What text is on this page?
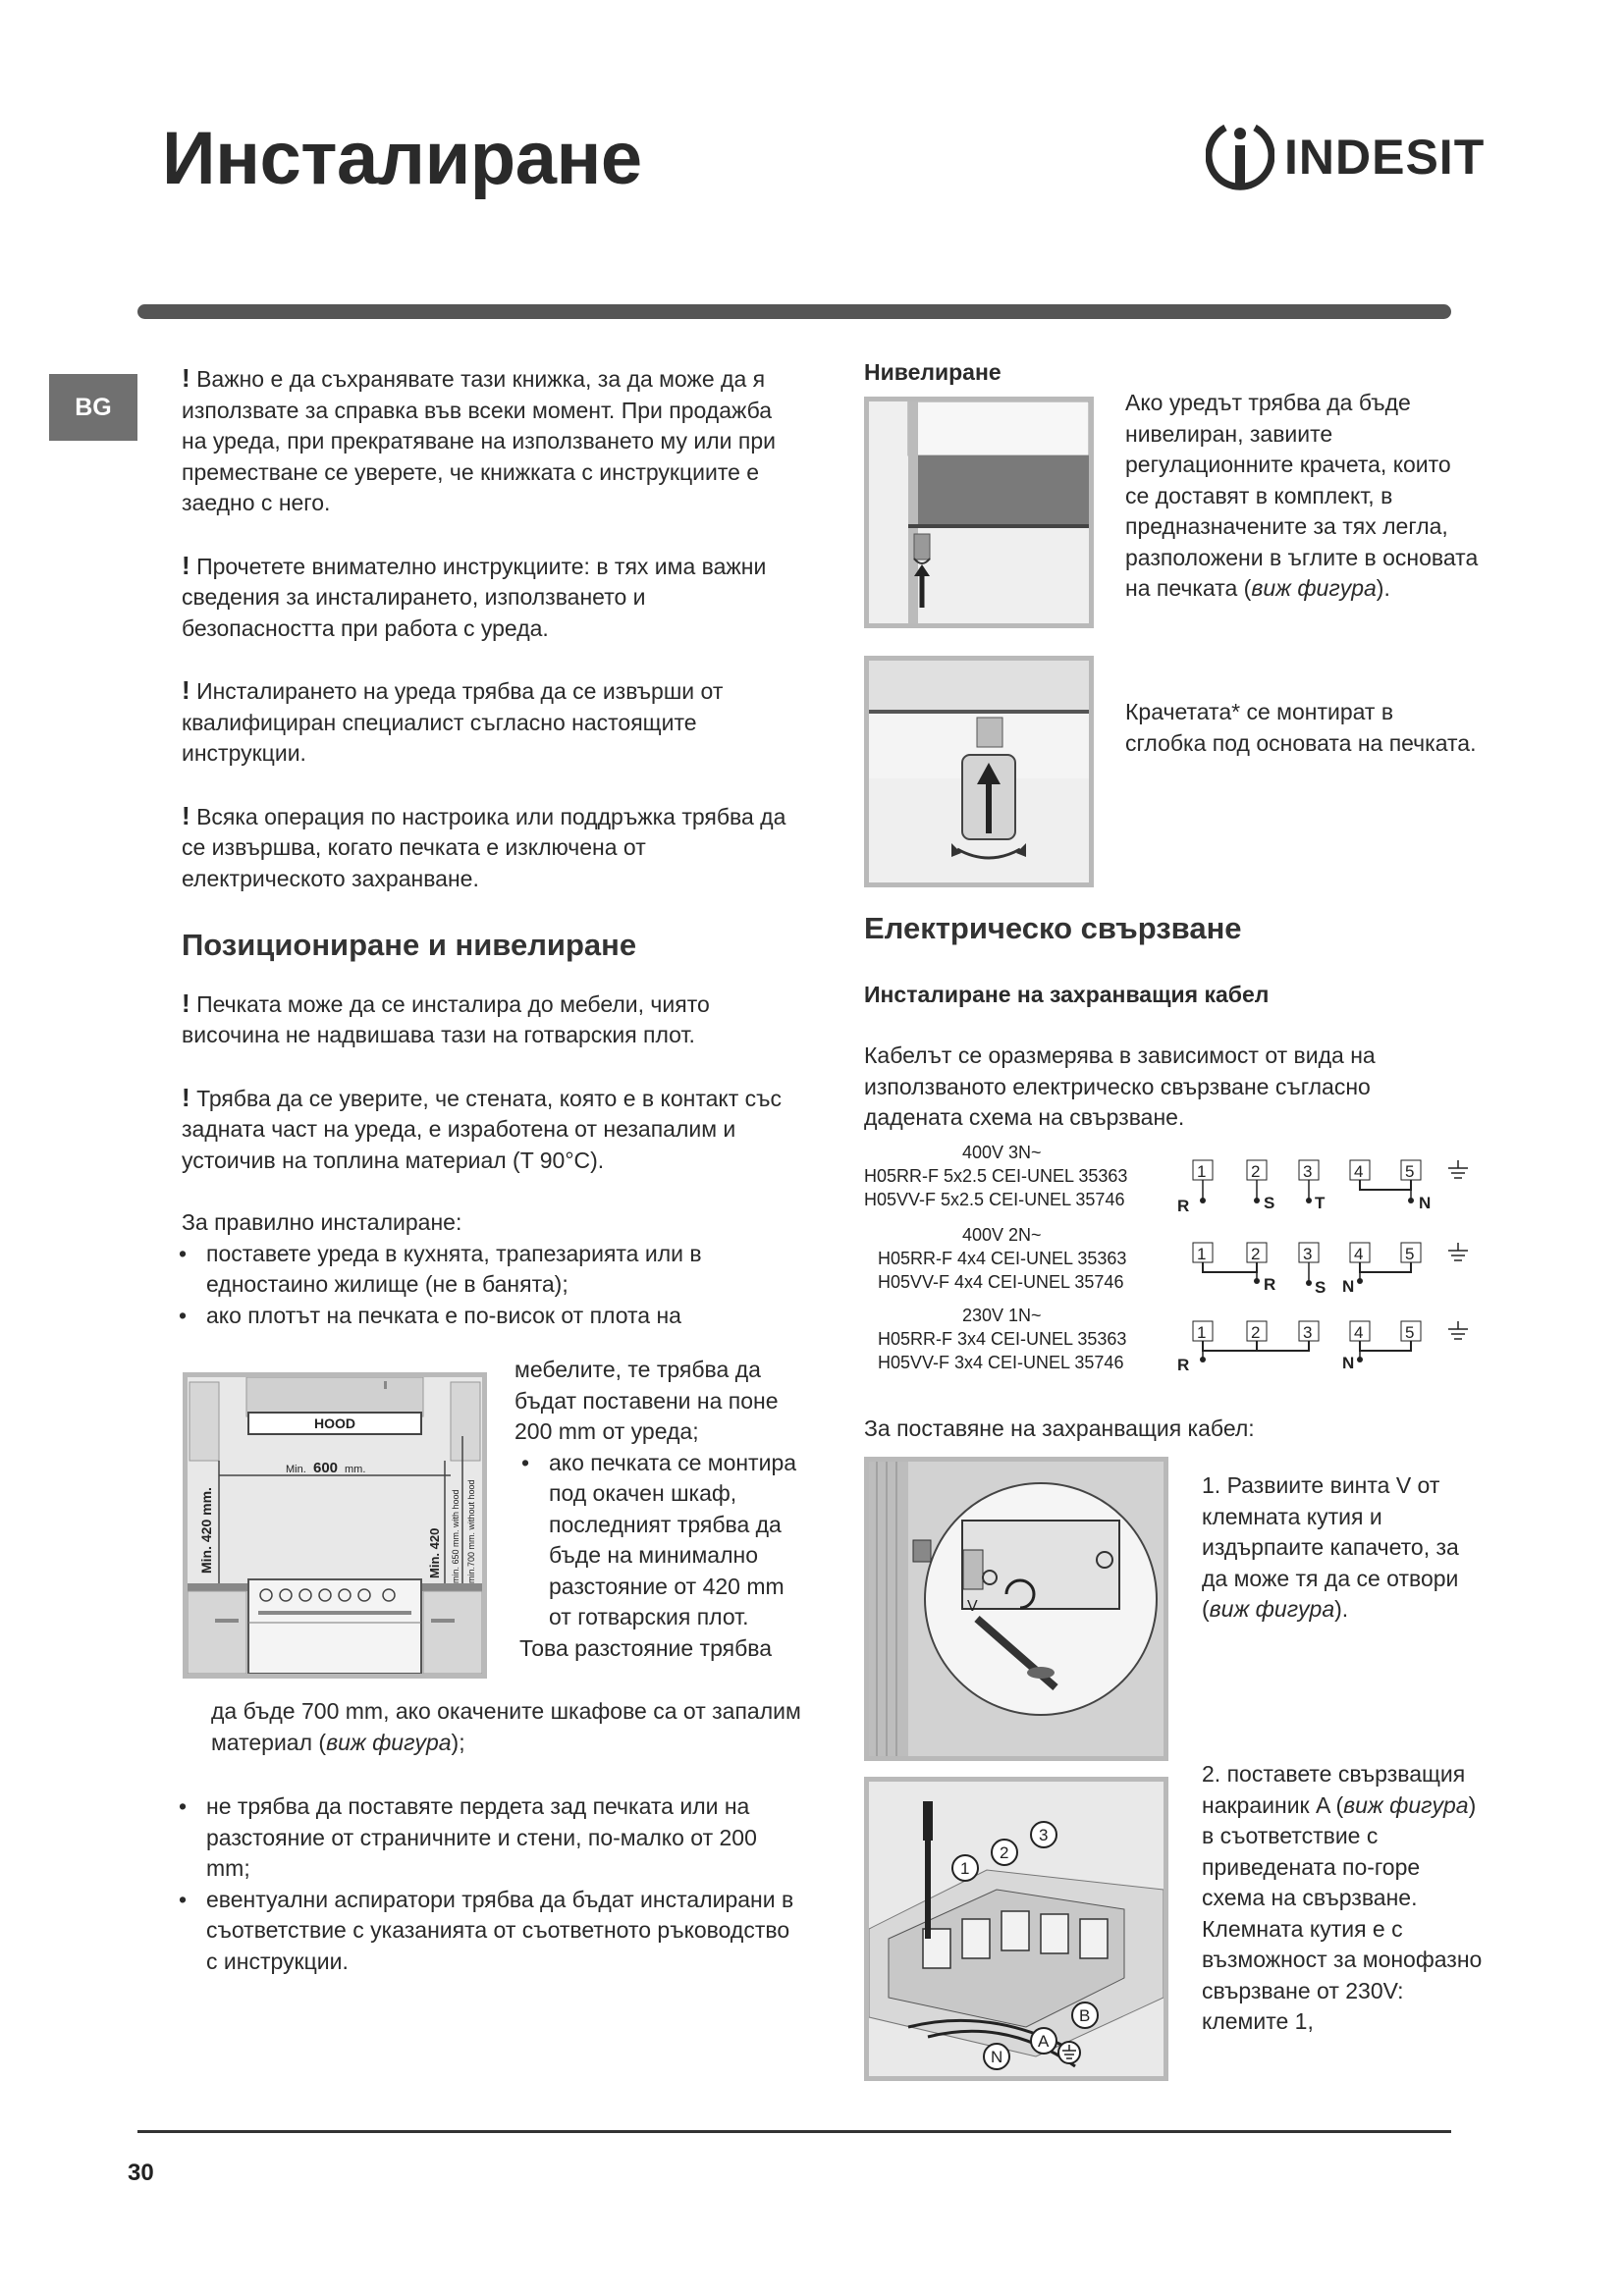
Инсталиране	INDESIT
BG

! Важно е да съхранявате тази книжка, за да може да я използвате за справка във всеки момент. При продажба на уреда, при прекратяване на използването му или при преместване се уверете, че книжката с инструкциите е заедно с него.

! Прочетете внимателно инструкциите: в тях има важни сведения за инсталирането, използването и безопасността при работа с уреда.

! Инсталирането на уреда трябва да се извърши от квалифициран специалист съгласно настоящите инструкции.

! Всяка операция по настроика или поддръжка трябва да се извършва, когато печката е изключена от електрическото захранване.

Позициониране и нивелиране

! Печката може да се инсталира до мебели, чиято височина не надвишава тази на готварския плот.

! Трябва да се уверите, че стената, която е в контакт със задната част на уреда, е изработена от незапалим и устоичив на топлина материал (T 90°C).

За правилно инсталиране:

• поставете уреда в кухнята, трапезарията или в едностаино жилище (не в банята);

• ако плотът на печката е по-висок от плота на

HOOD
Min. 600 mm.
Min. 420 mm.	Min. 420 min. 650 mm. with hood min.700 mm. without hood

мебелите, те трябва да бъдат поставени на поне 200 mm от уреда;

• ако печката се монтира под окачен шкаф, последният трябва да бъде на минимално разстояние от 420 mm от готварския плот.

Това разстояние трябва

да бъде 700 mm, ако окачените шкафове са от запалим материал (виж фигура);

• не трябва да поставяте пердета зад печката или на разстояние от страничните и стени, по-малко от 200 mm;

• евентуални аспиратори трябва да бъдат инсталирани в съответствие с указанията от съответното ръководство с инструкции.

Нивелиране

Ако уредът трябва да бъде нивелиран, завиите регулационните крачета, които се доставят в комплект, в предназначените за тях легла, разположени в ъглите в основата на печката (виж фигура).

Крачетата* се монтират в сглобка под основата на печката.

Електрическо свързване
Инсталиране на захранващия кабел

Кабелът се оразмерява в зависимост от вида на използваното електрическо свързване съгласно дадената схема на свързване.

400V 3N~
H05RR-F 5x2.5 CEI-UNEL 35363
H05VV-F 5x2.5 CEI-UNEL 35746
400V 2N~
H05RR-F 4x4 CEI-UNEL 35363
H05VV-F 4x4 CEI-UNEL 35746
230V 1N~
H05RR-F 3x4 CEI-UNEL 35363
H05VV-F 3x4 CEI-UNEL 35746
1	2	3	4	5
R	S T	N
1	2	3	4	5
R S N
1	2	3	4	5
R	N

За поставяне на захранващия кабел:

V

1. Развиите винта V от клемната кутия и издърпаите капачето, за да може тя да се отвори (виж фигура).

1
2
3
A
B
N

2. поставете свързващия накраиник A (виж фигура) в съответствие с приведената по-горе схема на свързване. Клемната кутия е с възможност за монофазно свързване от 230V: клемите 1,

30
